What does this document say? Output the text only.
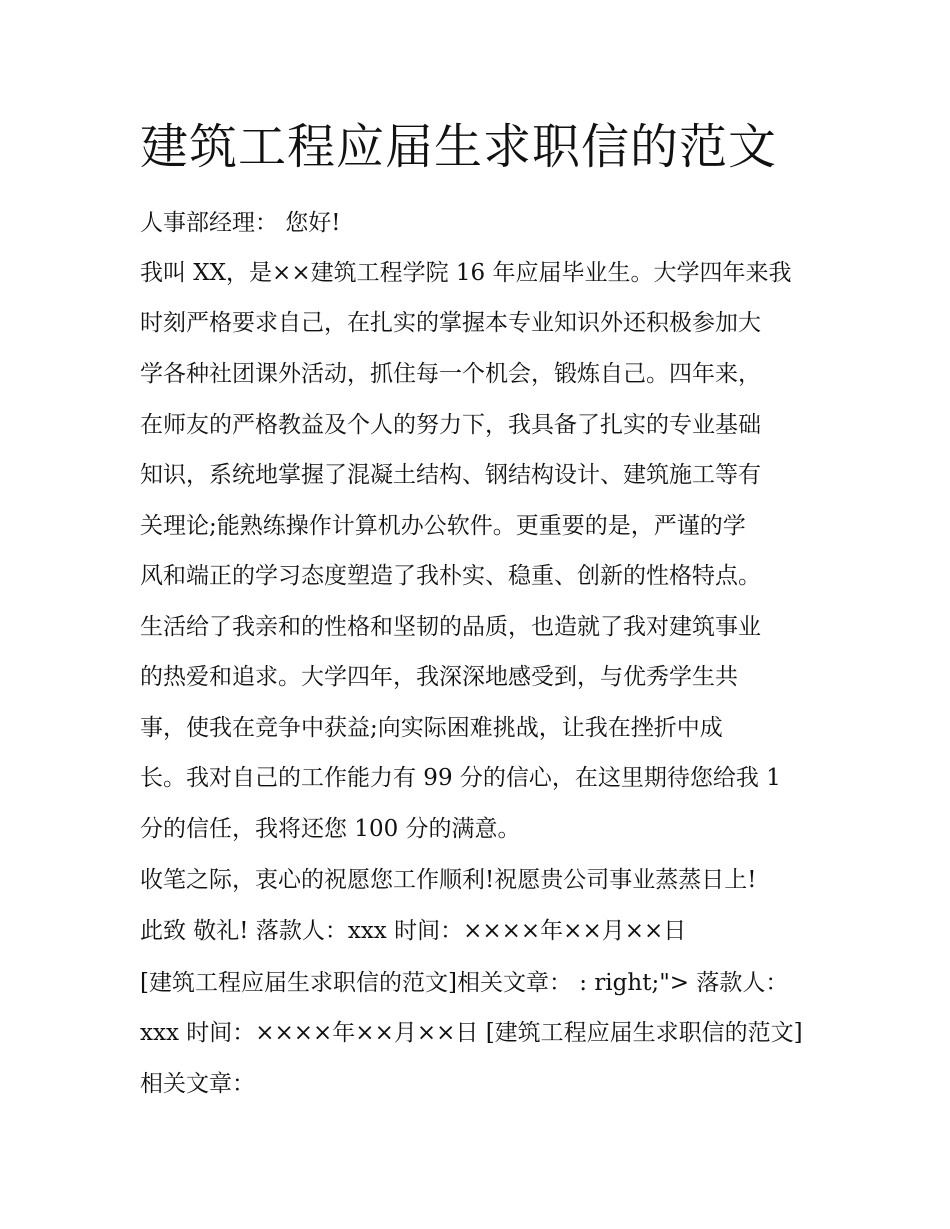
建筑工程应届生求职信的范文

人事部经理： 您好!

我叫 XX，是××建筑工程学院 16 年应届毕业生。大学四年来我

时刻严格要求自己，在扎实的掌握本专业知识外还积极参加大

学各种社团课外活动，抓住每一个机会，锻炼自己。四年来，

在师友的严格教益及个人的努力下，我具备了扎实的专业基础

知识，系统地掌握了混凝土结构、钢结构设计、建筑施工等有

关理论;能熟练操作计算机办公软件。更重要的是，严谨的学

风和端正的学习态度塑造了我朴实、稳重、创新的性格特点。

生活给了我亲和的性格和坚韧的品质，也造就了我对建筑事业

的热爱和追求。大学四年，我深深地感受到，与优秀学生共

事，使我在竞争中获益;向实际困难挑战，让我在挫折中成

长。我对自己的工作能力有 99 分的信心，在这里期待您给我 1

分的信任，我将还您 100 分的满意。

收笔之际，衷心的祝愿您工作顺利!祝愿贵公司事业蒸蒸日上!

此致 敬礼! 落款人：xxx 时间：××××年××月××日

[建筑工程应届生求职信的范文]相关文章： : right;"> 落款人：

xxx 时间：××××年××月××日 [建筑工程应届生求职信的范文]

相关文章：
